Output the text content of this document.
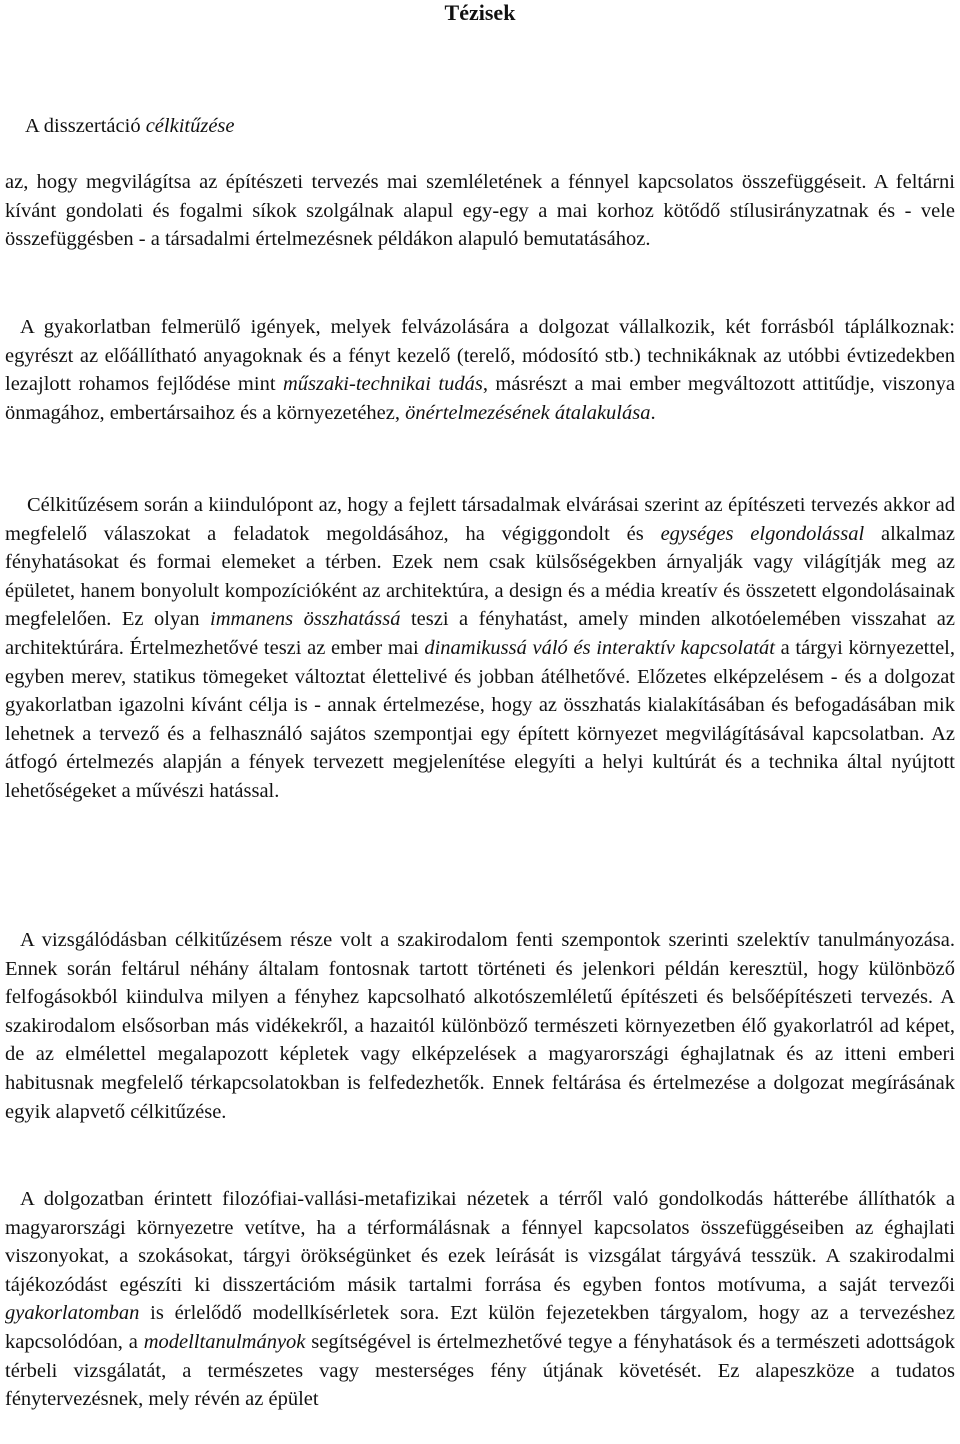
Tézisek

A disszertáció célkitűzése

az, hogy megvilágítsa az építészeti tervezés mai szemléletének a fénnyel kapcsolatos összefüggéseit. A feltárni kívánt gondolati és fogalmi síkok szolgálnak alapul egy-egy a mai korhoz kötődő stílusirányzatnak és - vele összefüggésben - a társadalmi értelmezésnek példákon alapuló bemutatásához.

A gyakorlatban felmerülő igények, melyek felvázolására a dolgozat vállalkozik, két forrásból táplálkoznak: egyrészt az előállítható anyagoknak és a fényt kezelő (terelő, módosító stb.) technikáknak az utóbbi évtizedekben lezajlott rohamos fejlődése mint műszaki-technikai tudás, másrészt a mai ember megváltozott attitűdje, viszonya önmagához, embertársaihoz és a környezetéhez, önértelmezésének átalakulása.

Célkitűzésem során a kiindulópont az, hogy a fejlett társadalmak elvárásai szerint az építészeti tervezés akkor ad megfelelő válaszokat a feladatok megoldásához, ha végiggondolt és egységes elgondolással alkalmaz fényhatásokat és formai elemeket a térben. Ezek nem csak külsőségekben árnyalják vagy világítják meg az épületet, hanem bonyolult kompozícióként az architektúra, a design és a média kreatív és összetett elgondolásainak megfelelően. Ez olyan immanens összhatássá teszi a fényhatást, amely minden alkotóelemében visszahat az architektúrára. Értelmezhetővé teszi az ember mai dinamikussá váló és interaktív kapcsolatát a tárgyi környezettel, egyben merev, statikus tömegeket változtat élettelivé és jobban átélhetővé. Előzetes elképzelésem - és a dolgozat gyakorlatban igazolni kívánt célja is - annak értelmezése, hogy az összhatás kialakításában és befogadásában mik lehetnek a tervező és a felhasználó sajátos szempontjai egy épített környezet megvilágításával kapcsolatban. Az átfogó értelmezés alapján a fények tervezett megjelenítése elegyíti a helyi kultúrát és a technika által nyújtott lehetőségeket a művészi hatással.

A vizsgálódásban célkitűzésem része volt a szakirodalom fenti szempontok szerinti szelektív tanulmányozása. Ennek során feltárul néhány általam fontosnak tartott történeti és jelenkori példán keresztül, hogy különböző felfogásokból kiindulva milyen a fényhez kapcsolható alkotószemléletű építészeti és belsőépítészeti tervezés. A szakirodalom elsősorban más vidékekről, a hazaitól különböző természeti környezetben élő gyakorlatról ad képet, de az elmélettel megalapozott képletek vagy elképzelések a magyarországi éghajlatnak és az itteni emberi habitusnak megfelelő térkapcsolatokban is felfedezhetők. Ennek feltárása és értelmezése a dolgozat megírásának egyik alapvető célkitűzése.

A dolgozatban érintett filozófiai-vallási-metafizikai nézetek a térről való gondolkodás hátterébe állíthatók a magyarországi környezetre vetítve, ha a térformálásnak a fénnyel kapcsolatos összefüggéseiben az éghajlati viszonyokat, a szokásokat, tárgyi örökségünket és ezek leírását is vizsgálat tárgyává tesszük. A szakirodalmi tájékozódást egészíti ki disszertációm másik tartalmi forrása és egyben fontos motívuma, a saját tervezői gyakorlatomban is érlelődő modellkísérletek sora. Ezt külön fejezetekben tárgyalom, hogy az a tervezéshez kapcsolódóan, a modelltanulmányok segítségével is értelmezhetővé tegye a fényhatások és a természeti adottságok térbeli vizsgálatát, a természetes vagy mesterséges fény útjának követését. Ez alapeszköze a tudatos fénytervezésnek, mely révén az épület
